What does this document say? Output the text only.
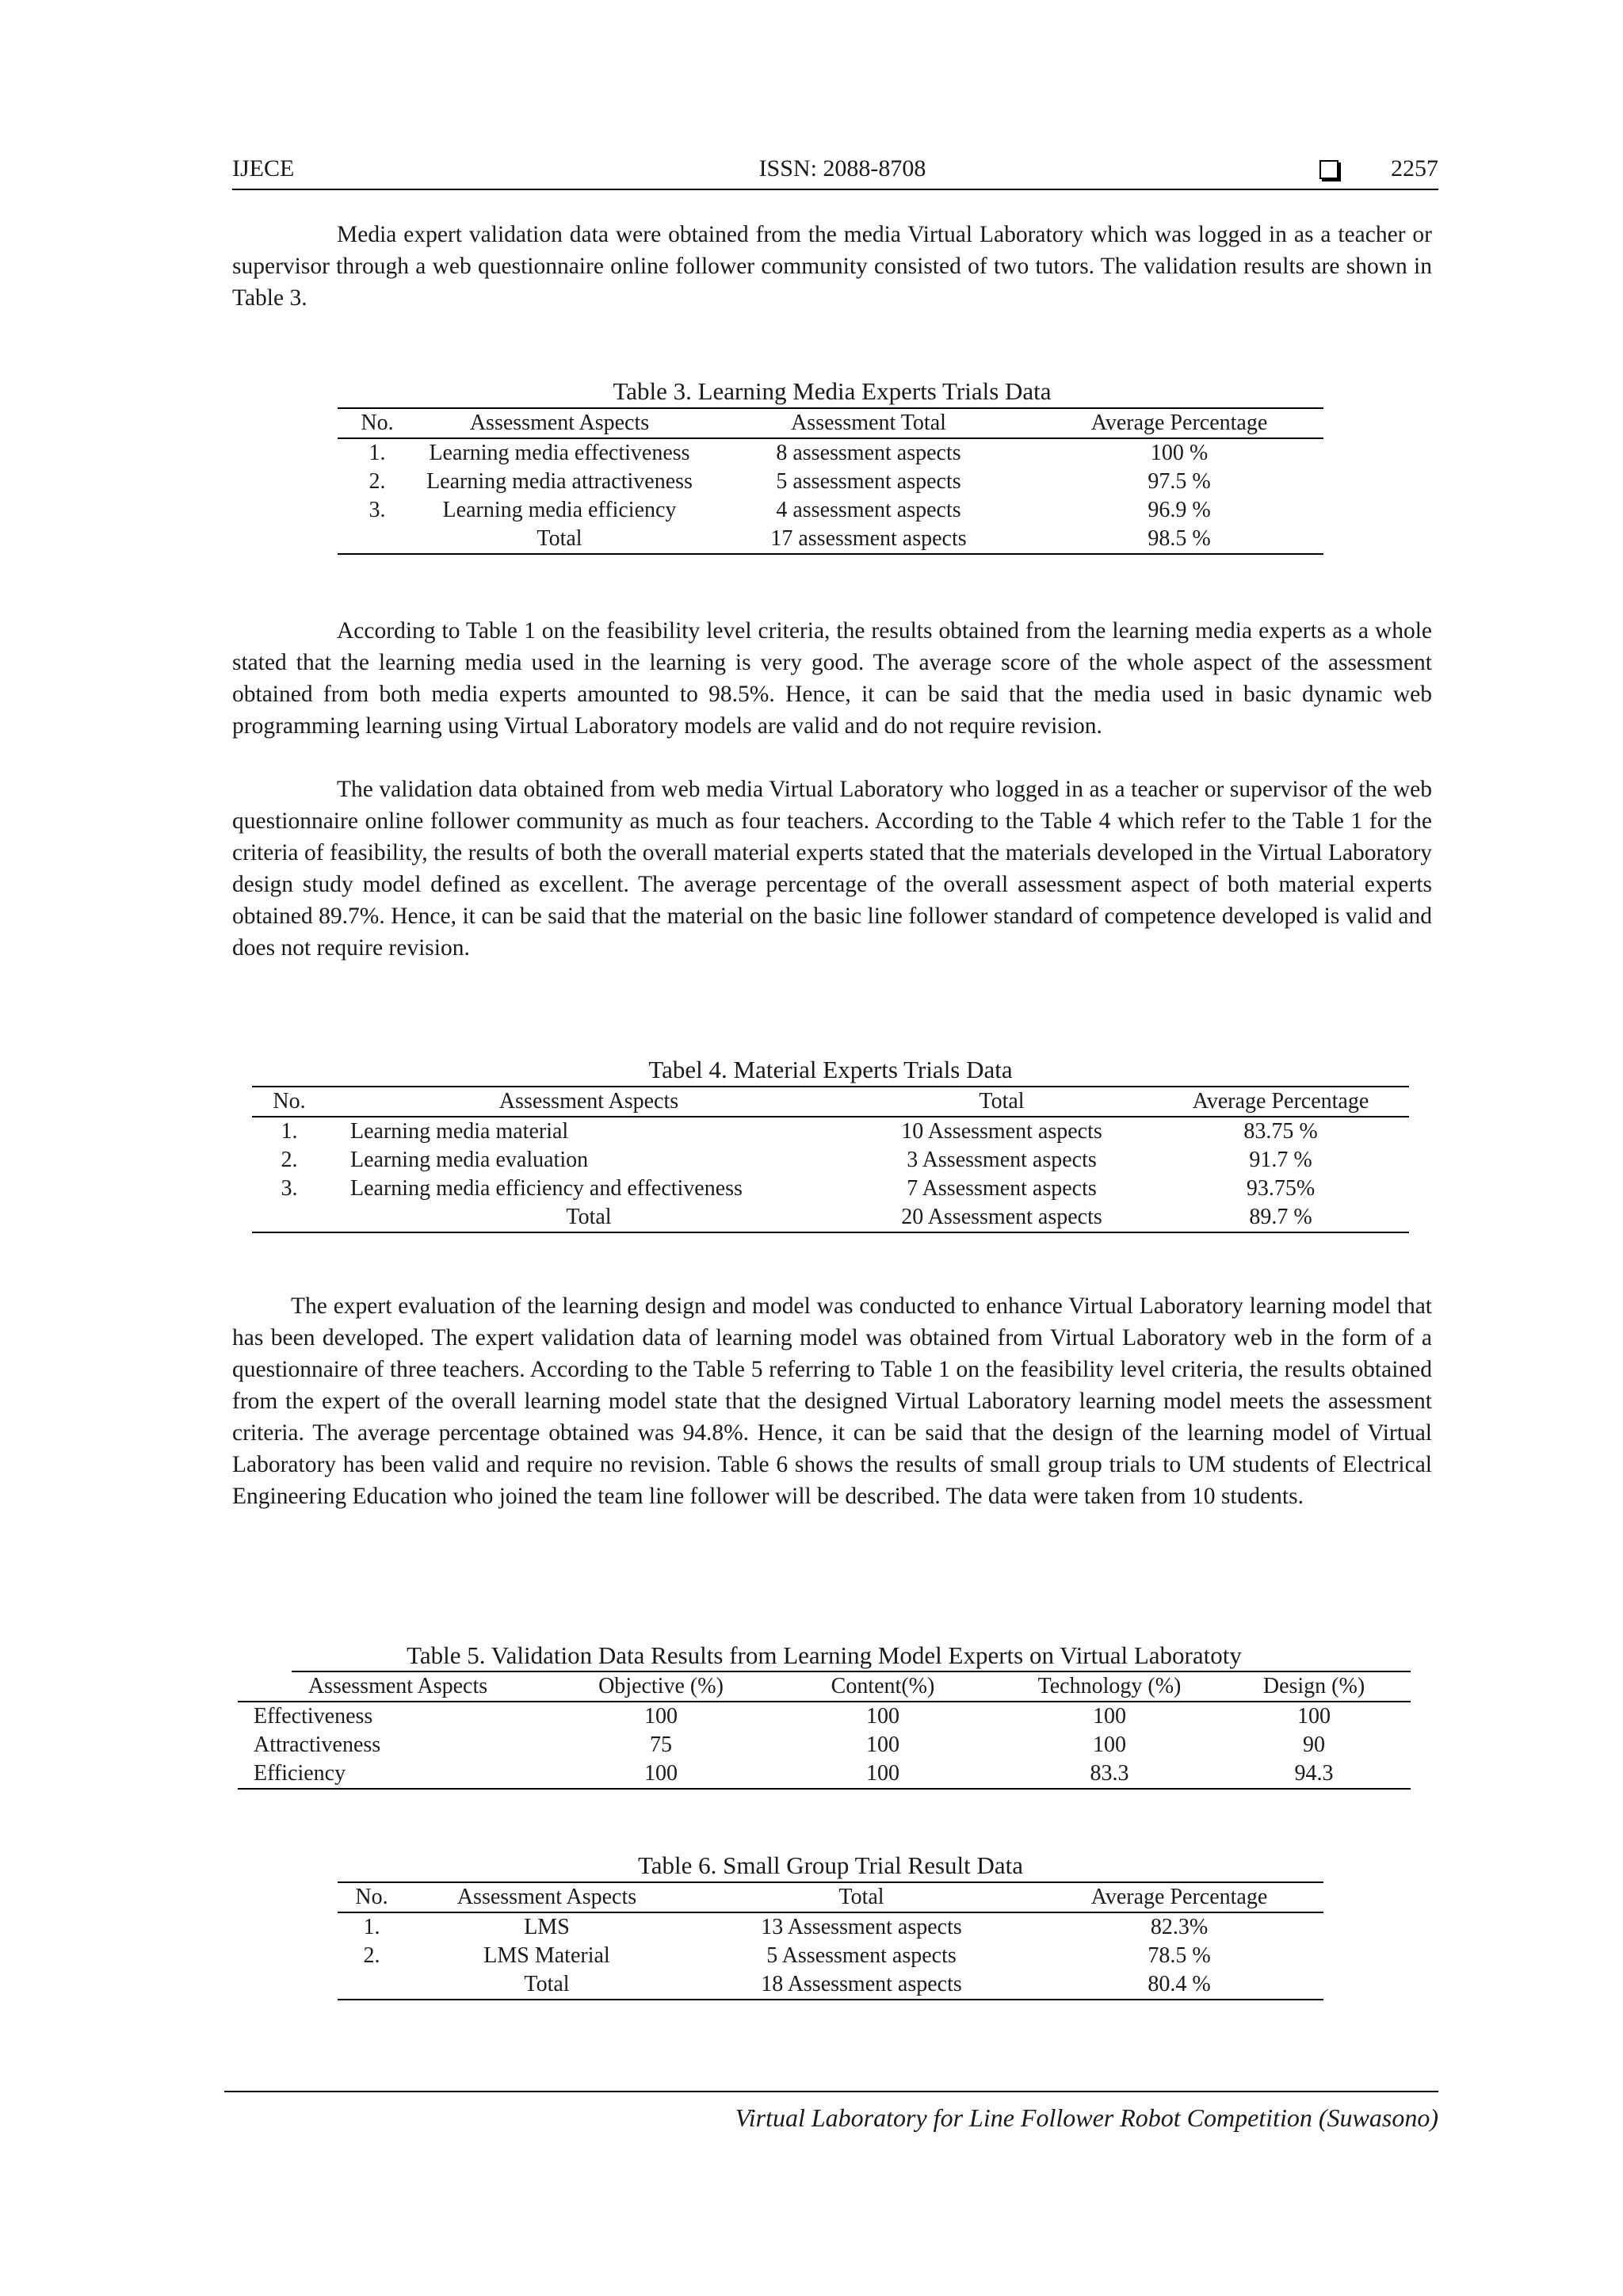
IJECE	ISSN: 2088-8708	2257

Media expert validation data were obtained from the media Virtual Laboratory which was logged in as a teacher or supervisor through a web questionnaire online follower community consisted of two tutors. The validation results are shown in Table 3.

Table 3. Learning Media Experts Trials Data
No.	Assessment Aspects	Assessment Total	Average Percentage
1.	Learning media effectiveness	8 assessment aspects	100 %
2.	Learning media attractiveness	5 assessment aspects	97.5 %
3.	Learning media efficiency	4 assessment aspects	96.9 %
	Total	17 assessment aspects	98.5 %

According to Table 1 on the feasibility level criteria, the results obtained from the learning media experts as a whole stated that the learning media used in the learning is very good. The average score of the whole aspect of the assessment obtained from both media experts amounted to 98.5%. Hence, it can be said that the media used in basic dynamic web programming learning using Virtual Laboratory models are valid and do not require revision.

The validation data obtained from web media Virtual Laboratory who logged in as a teacher or supervisor of the web questionnaire online follower community as much as four teachers. According to the Table 4 which refer to the Table 1 for the criteria of feasibility, the results of both the overall material experts stated that the materials developed in the Virtual Laboratory design study model defined as excellent. The average percentage of the overall assessment aspect of both material experts obtained 89.7%. Hence, it can be said that the material on the basic line follower standard of competence developed is valid and does not require revision.

Tabel 4. Material Experts Trials Data
No.	Assessment Aspects	Total	Average Percentage
1.	Learning media material	10 Assessment aspects	83.75 %
2.	Learning media evaluation	3 Assessment aspects	91.7 %
3.	Learning media efficiency and effectiveness	7 Assessment aspects	93.75%
	Total	20 Assessment aspects	89.7 %

The expert evaluation of the learning design and model was conducted to enhance Virtual Laboratory learning model that has been developed. The expert validation data of learning model was obtained from Virtual Laboratory web in the form of a questionnaire of three teachers. According to the Table 5 referring to Table 1 on the feasibility level criteria, the results obtained from the expert of the overall learning model state that the designed Virtual Laboratory learning model meets the assessment criteria. The average percentage obtained was 94.8%. Hence, it can be said that the design of the learning model of Virtual Laboratory has been valid and require no revision. Table 6 shows the results of small group trials to UM students of Electrical Engineering Education who joined the team line follower will be described. The data were taken from 10 students.

Table 5. Validation Data Results from Learning Model Experts on Virtual Laboratoty
Assessment Aspects	Objective (%)	Content(%)	Technology (%)	Design (%)
Effectiveness	100	100	100	100
Attractiveness	75	100	100	90
Efficiency	100	100	83.3	94.3
Table 6. Small Group Trial Result Data
No.	Assessment Aspects	Total	Average Percentage
1.	LMS	13 Assessment aspects	82.3%
2.	LMS Material	5 Assessment aspects	78.5 %
	Total	18 Assessment aspects	80.4 %
Virtual Laboratory for Line Follower Robot Competition (Suwasono)
